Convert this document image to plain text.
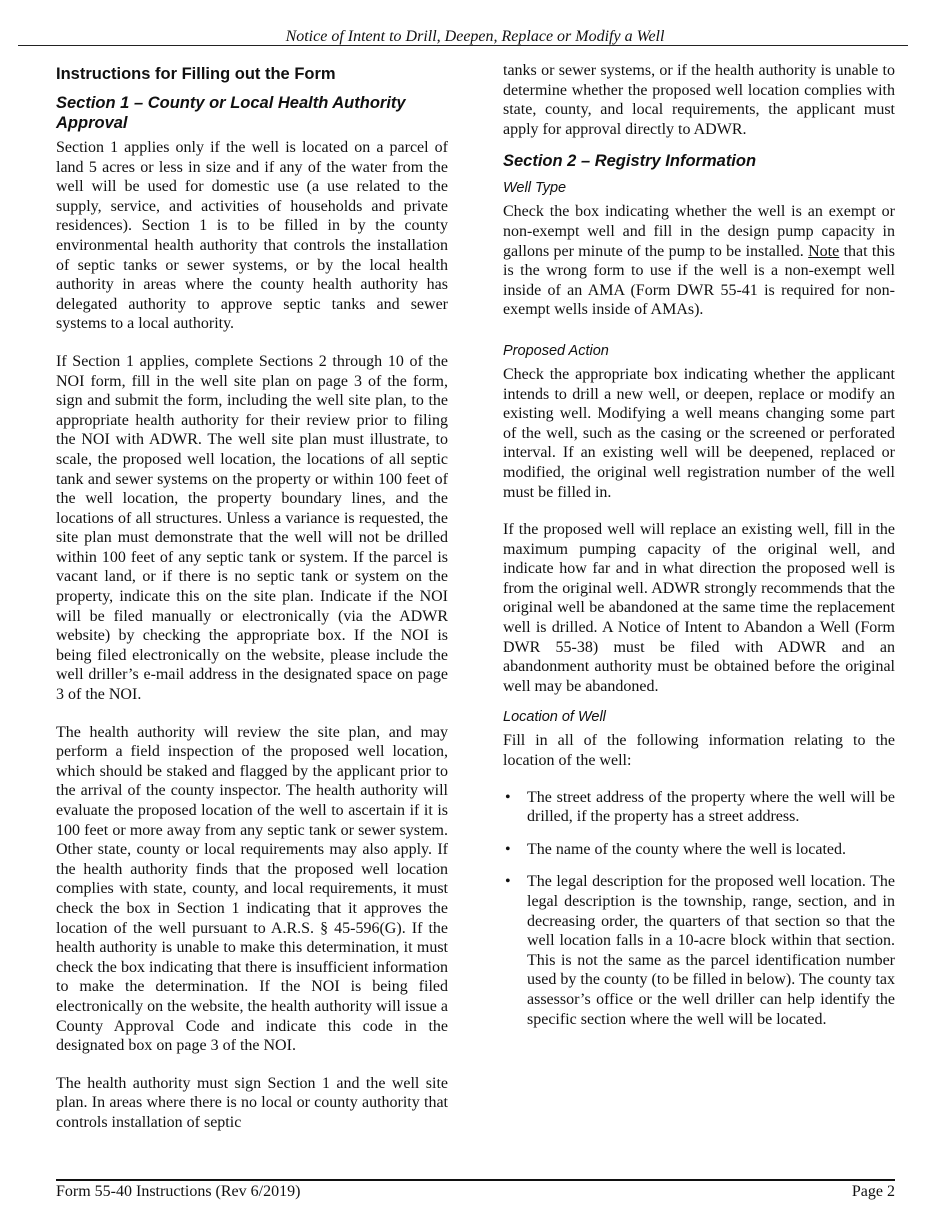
Notice of Intent to Drill, Deepen, Replace or Modify a Well
Instructions for Filling out the Form
Section 1 – County or Local Health Authority Approval

Section 1 applies only if the well is located on a parcel of land 5 acres or less in size and if any of the water from the well will be used for domestic use (a use related to the supply, service, and activities of households and private residences). Section 1 is to be filled in by the county environmental health authority that controls the installation of septic tanks or sewer systems, or by the local health authority in areas where the county health authority has delegated authority to approve septic tanks and sewer systems to a local authority.

If Section 1 applies, complete Sections 2 through 10 of the NOI form, fill in the well site plan on page 3 of the form, sign and submit the form, including the well site plan, to the appropriate health authority for their review prior to filing the NOI with ADWR. The well site plan must illustrate, to scale, the proposed well location, the locations of all septic tank and sewer systems on the property or within 100 feet of the well location, the property boundary lines, and the locations of all structures. Unless a variance is requested, the site plan must demonstrate that the well will not be drilled within 100 feet of any septic tank or system. If the parcel is vacant land, or if there is no septic tank or system on the property, indicate this on the site plan. Indicate if the NOI will be filed manually or electronically (via the ADWR website) by checking the appropriate box. If the NOI is being filed electronically on the website, please include the well driller’s e-mail address in the designated space on page 3 of the NOI.

The health authority will review the site plan, and may perform a field inspection of the proposed well location, which should be staked and flagged by the applicant prior to the arrival of the county inspector. The health authority will evaluate the proposed location of the well to ascertain if it is 100 feet or more away from any septic tank or sewer system. Other state, county or local requirements may also apply. If the health authority finds that the proposed well location complies with state, county, and local requirements, it must check the box in Section 1 indicating that it approves the location of the well pursuant to A.R.S. § 45-596(G). If the health authority is unable to make this determination, it must check the box indicating that there is insufficient information to make the determination. If the NOI is being filed electronically on the website, the health authority will issue a County Approval Code and indicate this code in the designated box on page 3 of the NOI.

The health authority must sign Section 1 and the well site plan. In areas where there is no local or county authority that controls installation of septic

tanks or sewer systems, or if the health authority is unable to determine whether the proposed well location complies with state, county, and local requirements, the applicant must apply for approval directly to ADWR.

Section 2 – Registry Information
Well Type

Check the box indicating whether the well is an exempt or non-exempt well and fill in the design pump capacity in gallons per minute of the pump to be installed. Note that this is the wrong form to use if the well is a non-exempt well inside of an AMA (Form DWR 55-41 is required for non-exempt wells inside of AMAs).

Proposed Action

Check the appropriate box indicating whether the applicant intends to drill a new well, or deepen, replace or modify an existing well. Modifying a well means changing some part of the well, such as the casing or the screened or perforated interval. If an existing well will be deepened, replaced or modified, the original well registration number of the well must be filled in.

If the proposed well will replace an existing well, fill in the maximum pumping capacity of the original well, and indicate how far and in what direction the proposed well is from the original well. ADWR strongly recommends that the original well be abandoned at the same time the replacement well is drilled. A Notice of Intent to Abandon a Well (Form DWR 55-38) must be filed with ADWR and an abandonment authority must be obtained before the original well may be abandoned.

Location of Well

Fill in all of the following information relating to the location of the well:

• The street address of the property where the well will be drilled, if the property has a street address.
• The name of the county where the well is located.
• The legal description for the proposed well location. The legal description is the township, range, section, and in decreasing order, the quarters of that section so that the well location falls in a 10-acre block within that section. This is not the same as the parcel identification number used by the county (to be filled in below). The county tax assessor’s office or the well driller can help identify the specific section where the well will be located.
Form 55-40 Instructions (Rev 6/2019)	Page 2
